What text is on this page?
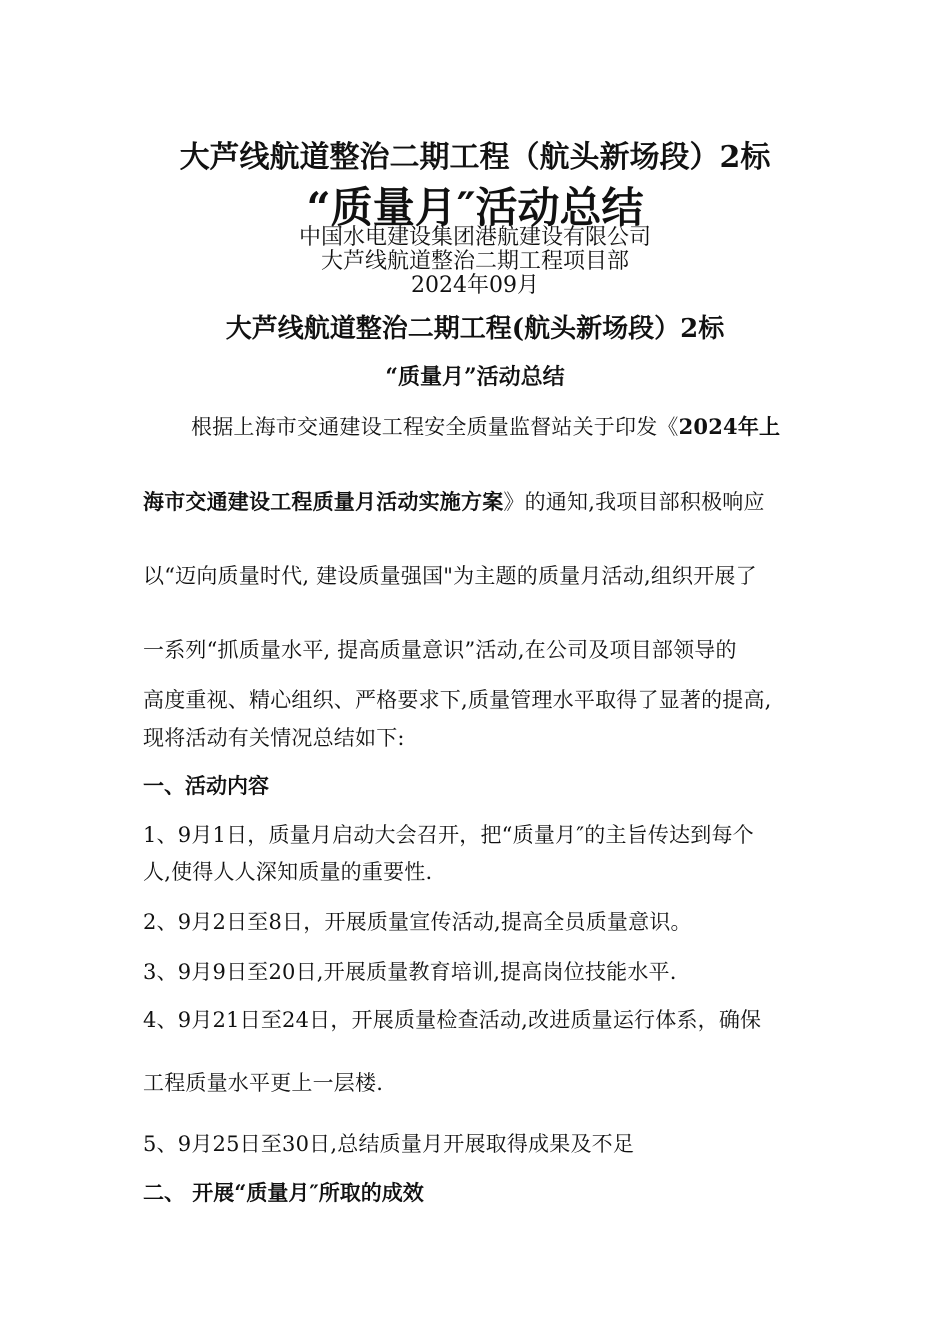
大芦线航道整治二期工程（航头新场段）2标
“质量月″活动总结
中国水电建设集团港航建设有限公司
大芦线航道整治二期工程项目部
2024年09月
大芦线航道整治二期工程(航头新场段）2标
“质量月”活动总结
根据上海市交通建设工程安全质量监督站关于印发《2024年上
海市交通建设工程质量月活动实施方案》的通知,我项目部积极响应
以“迈向质量时代, 建设质量强国"为主题的质量月活动,组织开展了
一系列“抓质量水平, 提高质量意识”活动,在公司及项目部领导的
高度重视、精心组织、严格要求下,质量管理水平取得了显著的提高,
现将活动有关情况总结如下:
一、活动内容
1、9月1日，质量月启动大会召开，把“质量月″的主旨传达到每个
人,使得人人深知质量的重要性.
2、9月2日至8日，开展质量宣传活动,提高全员质量意识。
3、9月9日至20日,开展质量教育培训,提高岗位技能水平.
4、9月21日至24日，开展质量检查活动,改进质量运行体系，确保
工程质量水平更上一层楼.
5、9月25日至30日,总结质量月开展取得成果及不足
二、 开展“质量月″所取的成效
